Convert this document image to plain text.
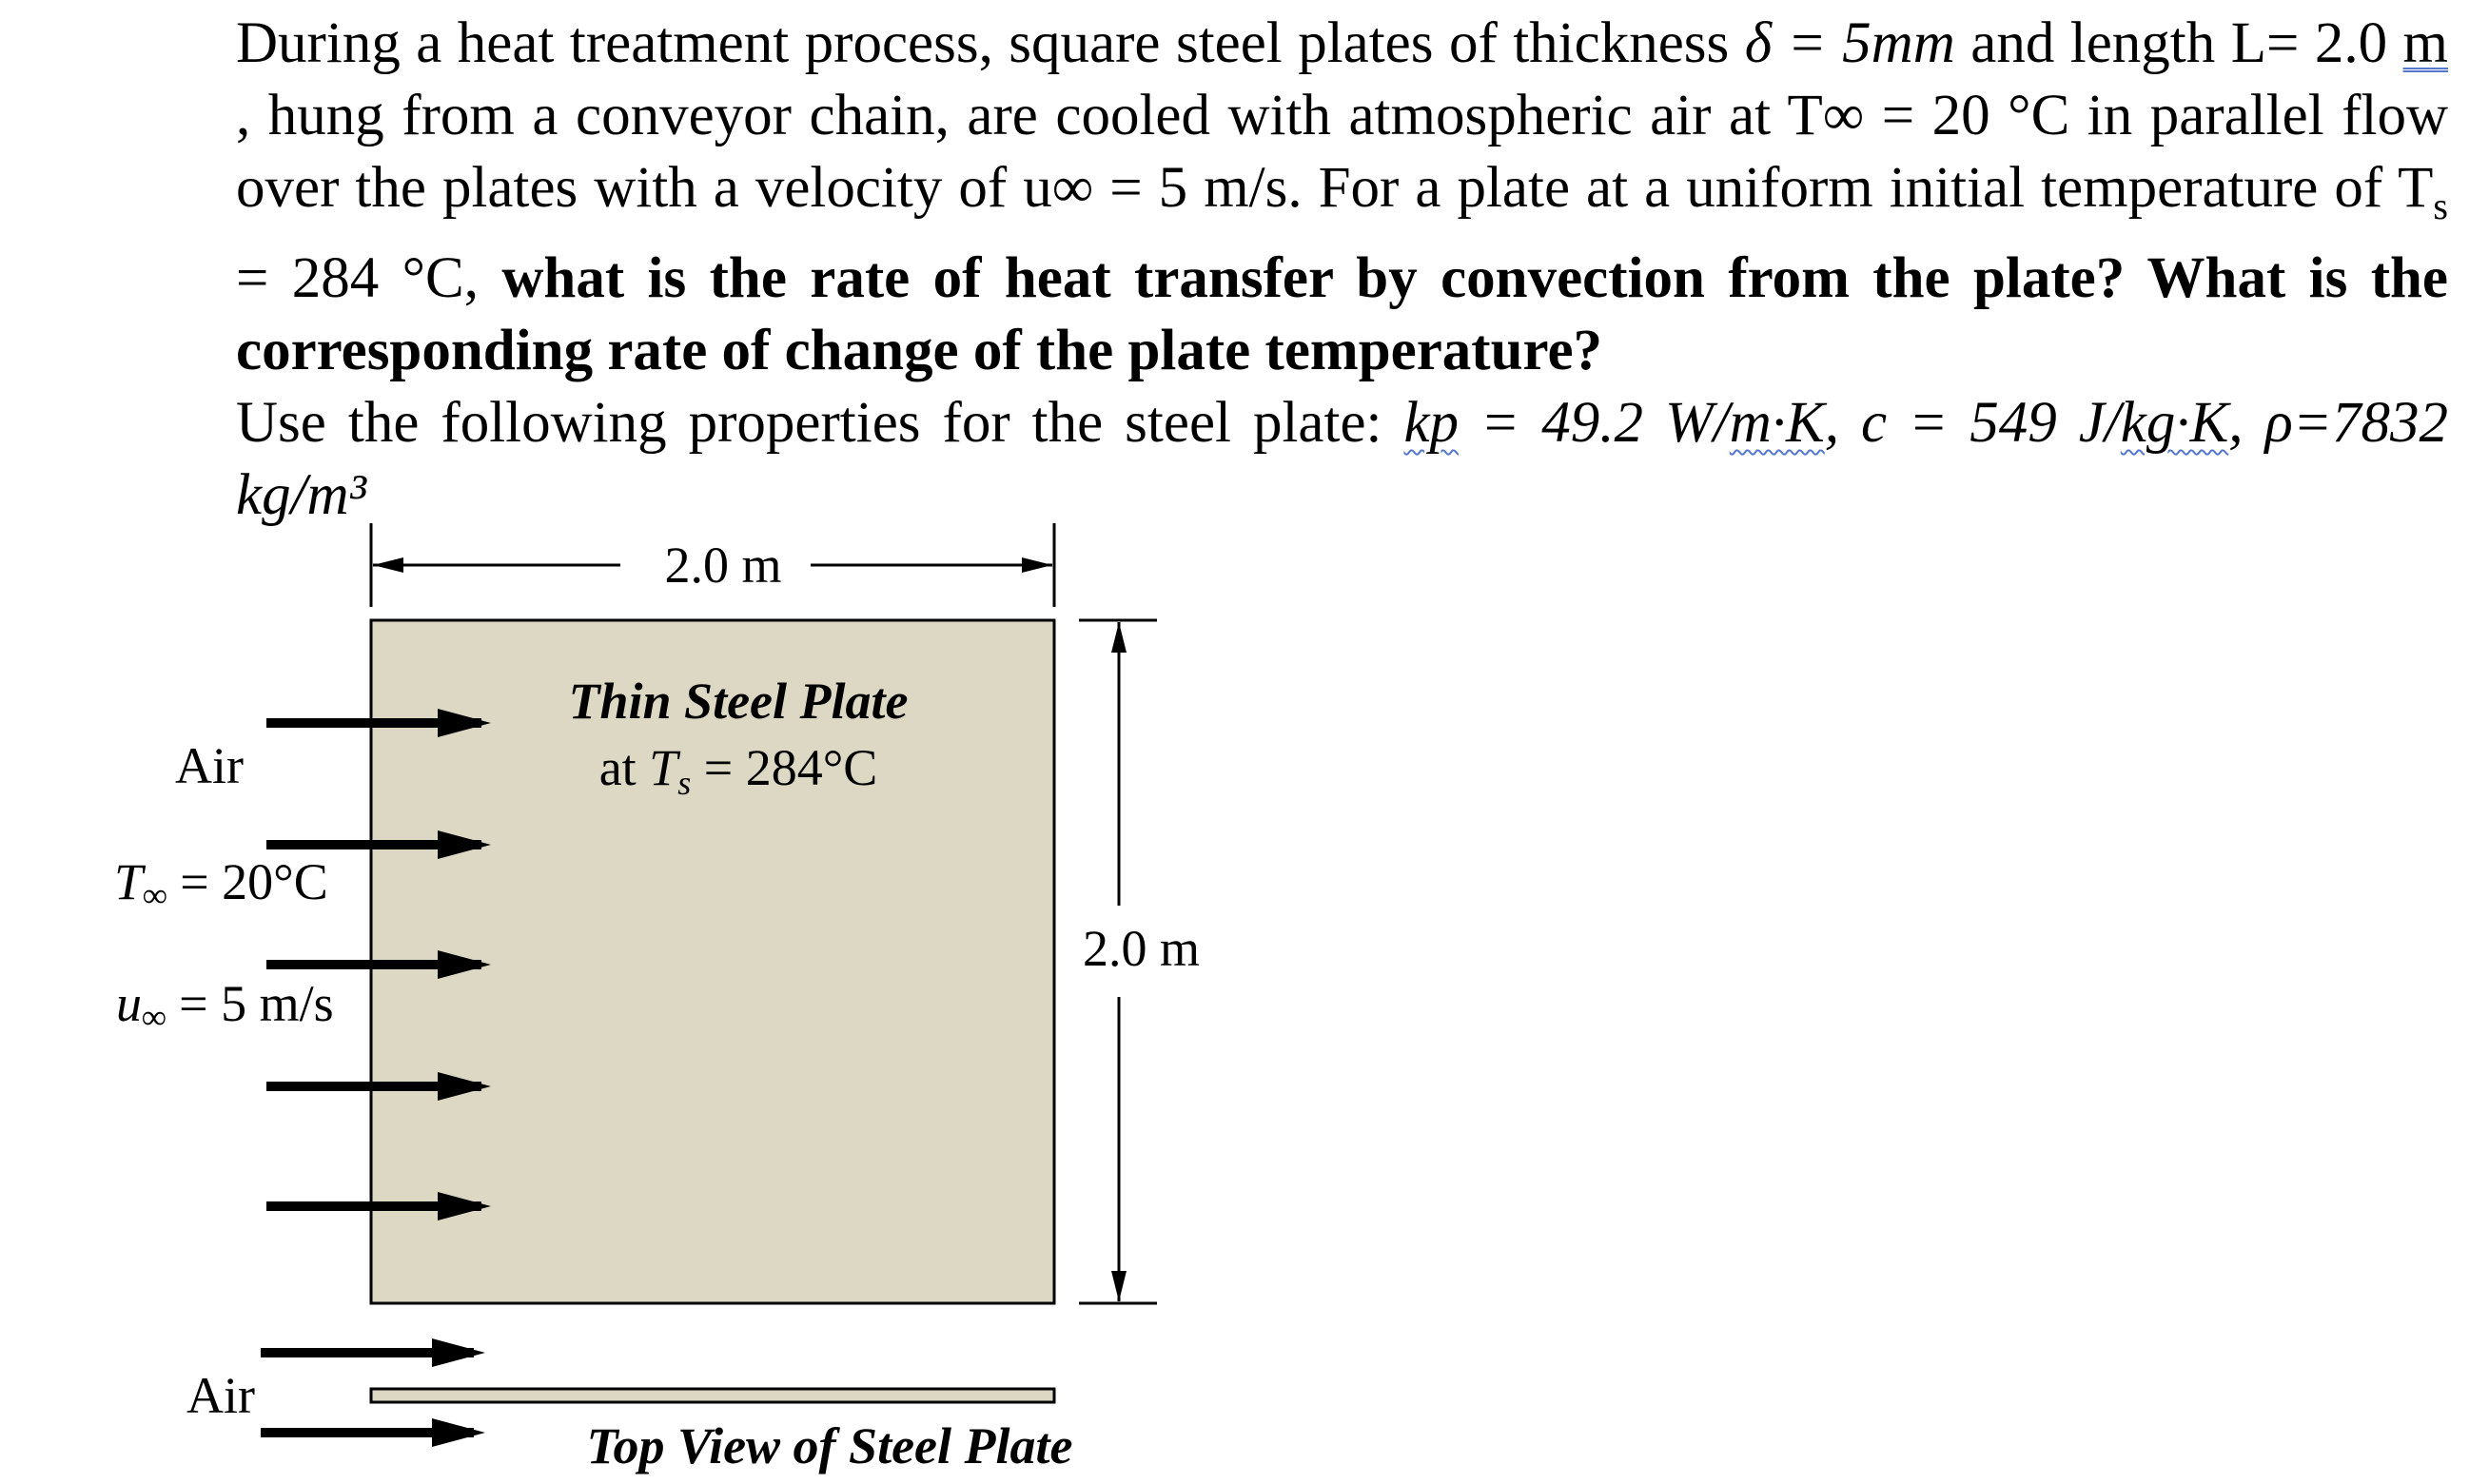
During a heat treatment process, square steel plates of thickness δ = 5mm and length L= 2.0 m , hung from a conveyor chain, are cooled with atmospheric air at T∞ = 20 °C in parallel flow over the plates with a velocity of u∞ = 5 m/s. For a plate at a uniform initial temperature of $T_s = 284$ °C, what is the rate of heat transfer by convection from the plate? What is the corresponding rate of change of the plate temperature?

Use the following properties for the steel plate: kp = 49.2 W/m·K, c = 549 J/kg·K, ρ=7832 kg/m³

2.0 m
Thin Steel Plate
at Ts = 284°C
2.0 m
Air
T∞ = 20°C
u∞ = 5 m/s
Air
Top View of Steel Plate
